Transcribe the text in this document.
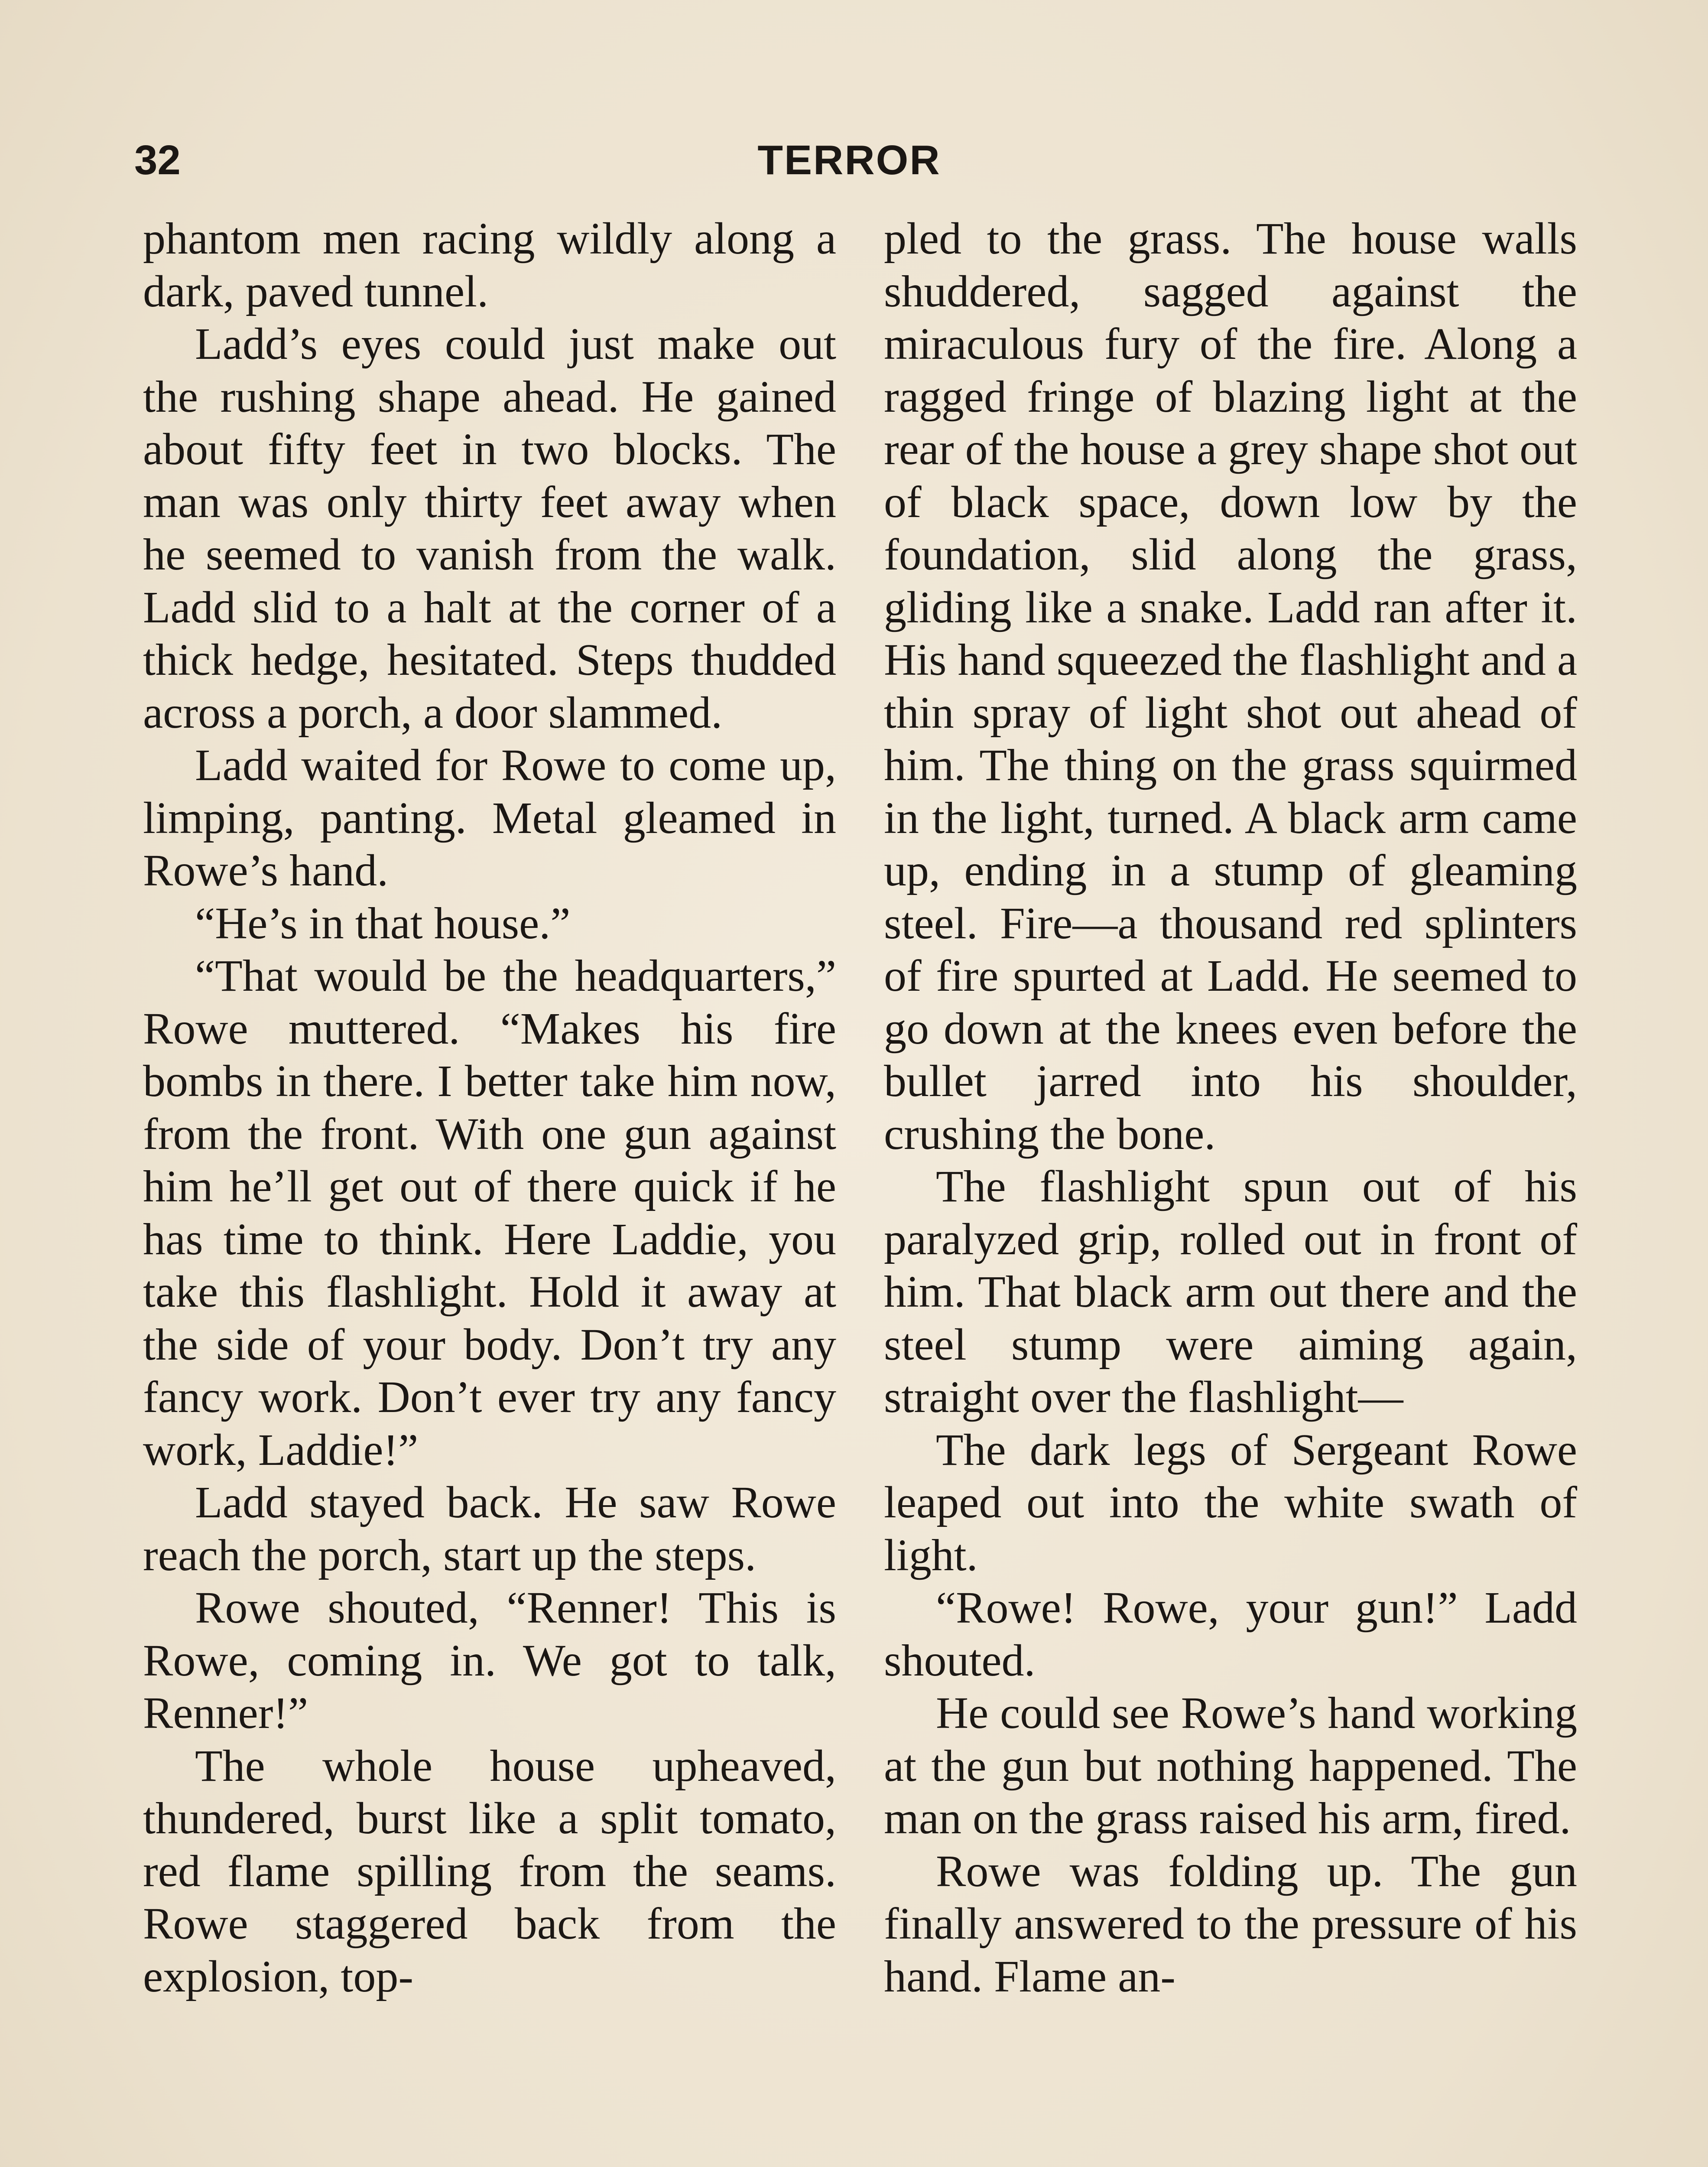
32	TERROR

phantom men racing wildly along a dark, paved tunnel.

Ladd’s eyes could just make out the rushing shape ahead. He gained about fifty feet in two blocks. The man was only thirty feet away when he seemed to vanish from the walk. Ladd slid to a halt at the corner of a thick hedge, hesitated. Steps thudded across a porch, a door slammed.

Ladd waited for Rowe to come up, limping, panting. Metal gleamed in Rowe’s hand.

“He’s in that house.”

“That would be the headquarters,” Rowe muttered. “Makes his fire bombs in there. I better take him now, from the front. With one gun against him he’ll get out of there quick if he has time to think. Here Laddie, you take this flashlight. Hold it away at the side of your body. Don’t try any fancy work. Don’t ever try any fancy work, Laddie!”

Ladd stayed back. He saw Rowe reach the porch, start up the steps.

Rowe shouted, “Renner! This is Rowe, coming in. We got to talk, Renner!”

The whole house upheaved, thundered, burst like a split tomato, red flame spilling from the seams. Rowe staggered back from the explosion, top-

pled to the grass. The house walls shuddered, sagged against the miraculous fury of the fire. Along a ragged fringe of blazing light at the rear of the house a grey shape shot out of black space, down low by the foundation, slid along the grass, gliding like a snake. Ladd ran after it. His hand squeezed the flashlight and a thin spray of light shot out ahead of him. The thing on the grass squirmed in the light, turned. A black arm came up, ending in a stump of gleaming steel. Fire—a thousand red splinters of fire spurted at Ladd. He seemed to go down at the knees even before the bullet jarred into his shoulder, crushing the bone.

The flashlight spun out of his paralyzed grip, rolled out in front of him. That black arm out there and the steel stump were aiming again, straight over the flashlight—

The dark legs of Sergeant Rowe leaped out into the white swath of light.

“Rowe! Rowe, your gun!” Ladd shouted.

He could see Rowe’s hand working at the gun but nothing happened. The man on the grass raised his arm, fired.

Rowe was folding up. The gun finally answered to the pressure of his hand. Flame an-
